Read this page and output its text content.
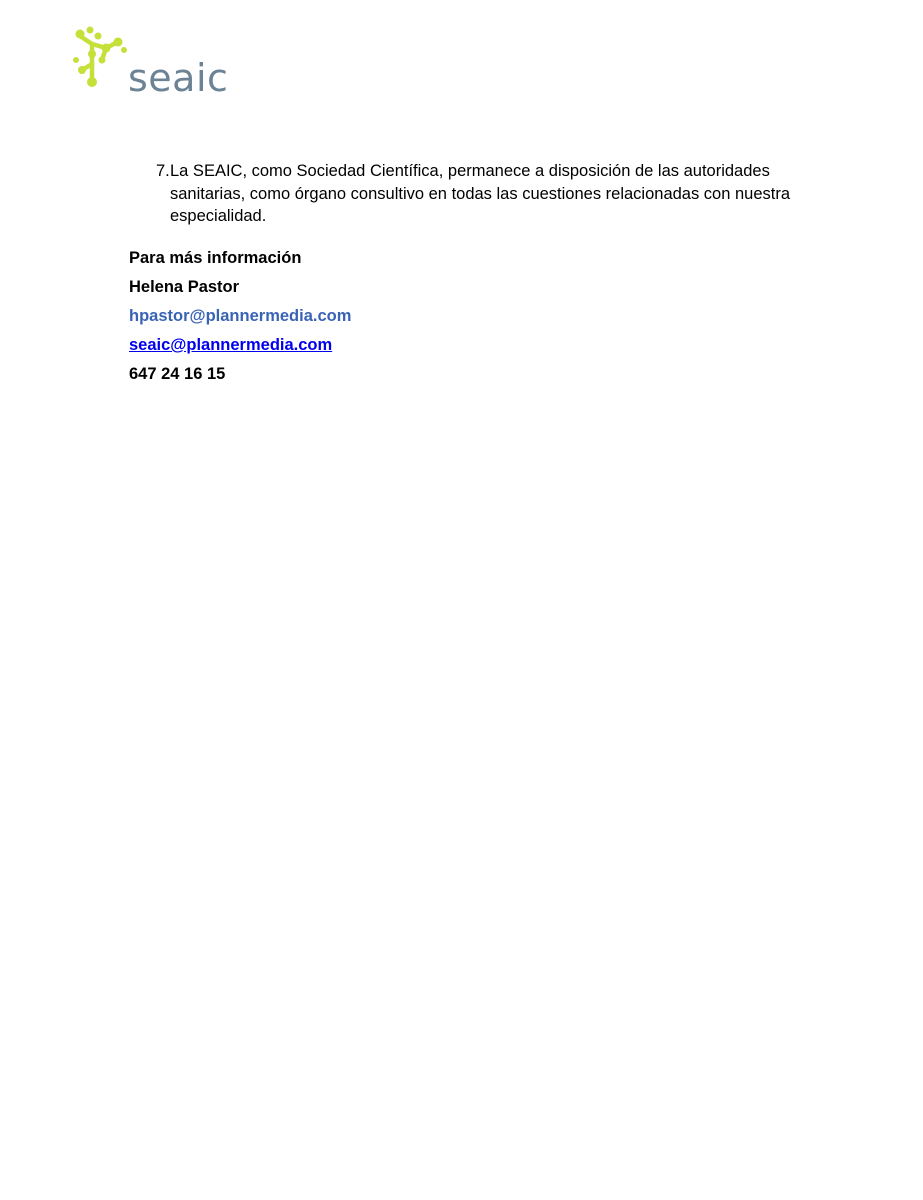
seaic
7. La SEAIC, como Sociedad Científica, permanece a disposición de las autoridades sanitarias, como órgano consultivo en todas las cuestiones relacionadas con nuestra especialidad.
Para más información
Helena Pastor
hpastor@plannermedia.com
seaic@plannermedia.com
647 24 16 15
